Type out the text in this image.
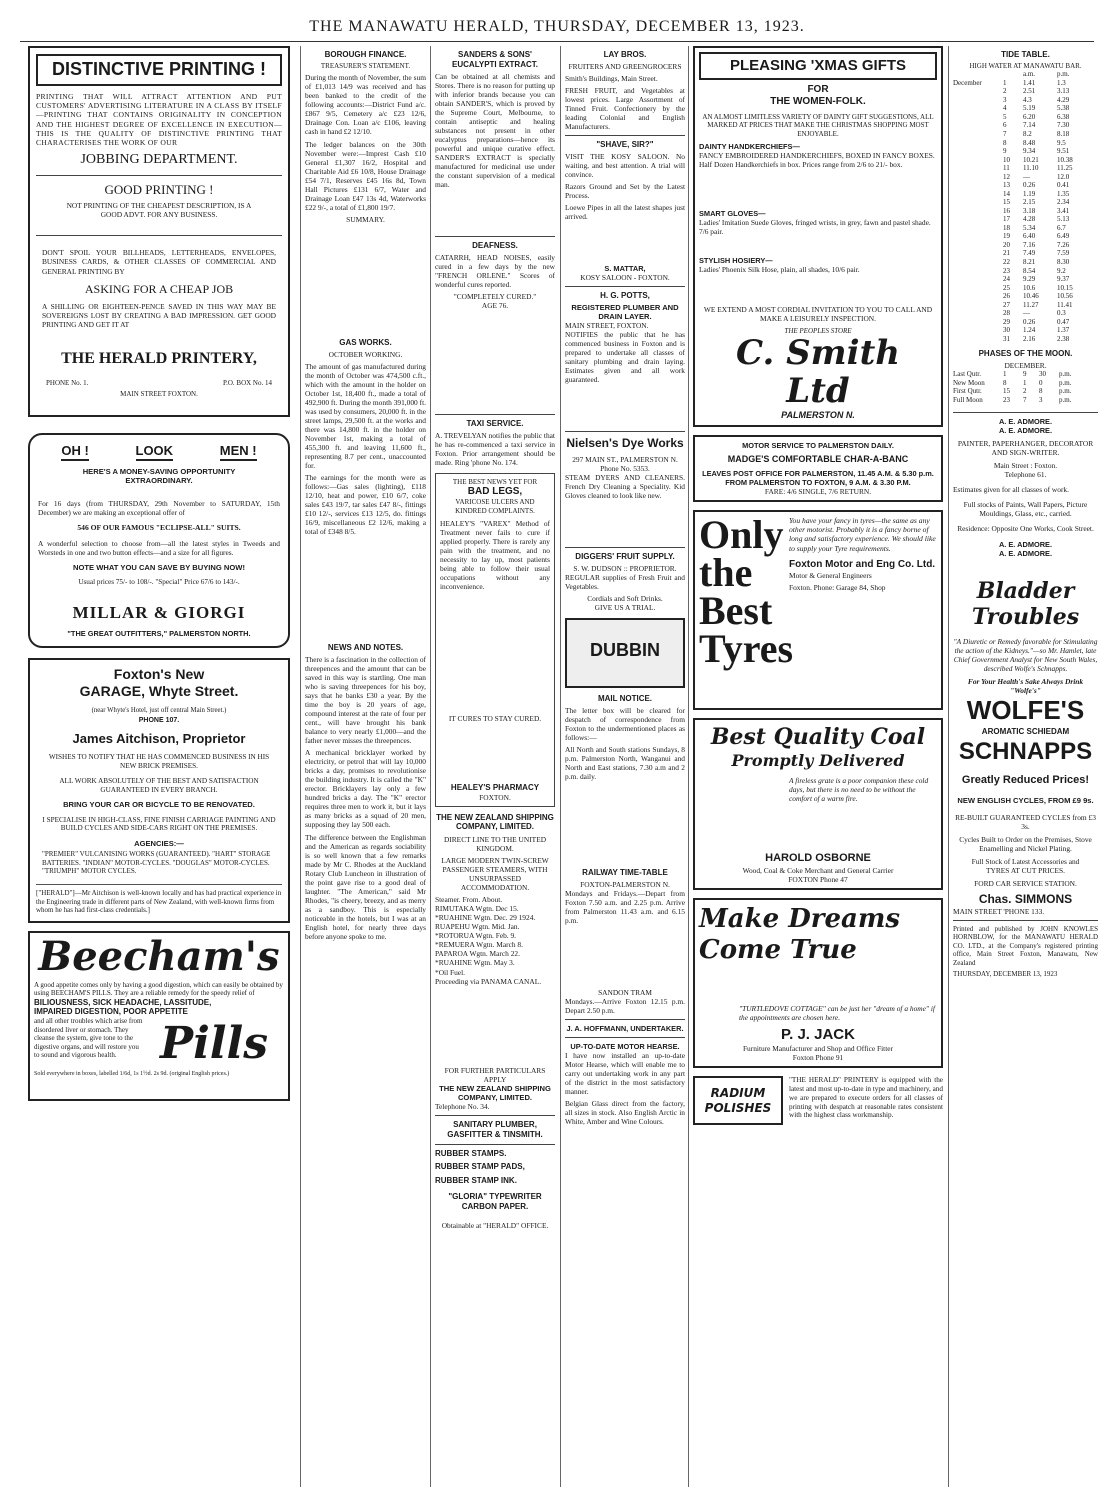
THE MANAWATU HERALD, THURSDAY, DECEMBER 13, 1923.
DISTINCTIVE PRINTING !
PRINTING THAT WILL ATTRACT ATTENTION AND PUT CUSTOMERS' ADVERTISING LITERATURE IN A CLASS BY ITSELF—PRINTING THAT CONTAINS ORIGINALITY IN CONCEPTION AND THE HIGHEST DEGREE OF EXCELLENCE IN EXECUTION—THIS IS THE QUALITY OF DISTINCTIVE PRINTING THAT CHARACTERISES THE WORK OF OUR
JOBBING DEPARTMENT.
GOOD PRINTING !
NOT PRINTING OF THE CHEAPEST DESCRIPTION, IS A GOOD ADVT. FOR ANY BUSINESS.
DON'T SPOIL YOUR BILLHEADS, LETTERHEADS, ENVELOPES, BUSINESS CARDS, & OTHER CLASSES OF COMMERCIAL AND GENERAL PRINTING BY
ASKING FOR A CHEAP JOB
A SHILLING OR EIGHTEEN-PENCE SAVED IN THIS WAY MAY BE SOVEREIGNS LOST BY CREATING A BAD IMPRESSION. GET GOOD PRINTING AND GET IT AT
THE HERALD PRINTERY,
PHONE No. 1.	P.O. BOX No. 14
MAIN STREET FOXTON.
OH !	LOOK	MEN !
HERE'S A MONEY-SAVING OPPORTUNITY EXTRAORDINARY.
For 16 days (from THURSDAY, 29th November to SATURDAY, 15th December) we are making an exceptional offer of
546 OF OUR FAMOUS "ECLIPSE-ALL" SUITS.
A wonderful selection to choose from—all the latest styles in Tweeds and Worsteds in one and two button effects—and a size for all figures.
NOTE WHAT YOU CAN SAVE BY BUYING NOW!
Usual prices 75/- to 108/-. "Special" Price 67/6 to 143/-.
MILLAR & GIORGI
"THE GREAT OUTFITTERS," PALMERSTON NORTH.
Foxton's New
GARAGE, Whyte Street.
(near Whyte's Hotel, just off central Main Street.)
PHONE 107.
James Aitchison, Proprietor
WISHES TO NOTIFY THAT HE HAS COMMENCED BUSINESS IN HIS NEW BRICK PREMISES.
ALL WORK ABSOLUTELY OF THE BEST AND SATISFACTION GUARANTEED IN EVERY BRANCH.
BRING YOUR CAR OR BICYCLE TO BE RENOVATED.
I SPECIALISE IN HIGH-CLASS, FINE FINISH CARRIAGE PAINTING AND BUILD CYCLES AND SIDE-CARS RIGHT ON THE PREMISES.
AGENCIES:—
"PREMIER" VULCANISING WORKS (GUARANTEED). "HART" STORAGE BATTERIES. "INDIAN" MOTOR-CYCLES. "DOUGLAS" MOTOR-CYCLES. "TRIUMPH" MOTOR CYCLES.
["HERALD"]—Mr Aitchison is well-known locally and has had practical experience in the Engineering trade in different parts of New Zealand, with well-known firms from whom he has had first-class credentials.]
Beecham's
A good appetite comes only by having a good digestion, which can easily be obtained by using BEECHAM'S PILLS. They are a reliable remedy for the speedy relief of
BILIOUSNESS, SICK HEADACHE, LASSITUDE,
IMPAIRED DIGESTION, POOR APPETITE
and all other troubles which arise from disordered liver or stomach. They cleanse the system, give tone to the digestive organs, and will restore you to sound and vigorous health. Pills
Sold everywhere in boxes, labelled 1/6d, 1s 1½d. 2s 9d. (original English prices.)
BOROUGH FINANCE.
TREASURER'S STATEMENT.

During the month of November, the sum of £1,013 14/9 was received and has been banked to the credit of the following accounts:—District Fund a/c. £867 9/5, Cemetery a/c £23 12/6, Drainage Con. Loan a/c £106, leaving cash in hand £2 12/10.

The ledger balances on the 30th November were:—Imprest Cash £10 General £1,307 16/2, Hospital and Charitable Aid £6 10/8, House Drainage £54 7/1, Reserves £45 16s 8d, Town Hall Pictures £131 6/7, Water and Drainage Loan £47 13s 4d, Waterworks £22 9/-, a total of £1,800 19/7.

SUMMARY.
GAS WORKS.
OCTOBER WORKING.

The amount of gas manufactured during the month of October was 474,500 c.ft., which with the amount in the holder on October 1st, 18,400 ft., made a total of 492,900 ft. During the month 391,000 ft. was used by consumers, 20,000 ft. in the street lamps, 29,500 ft. at the works and there was 14,800 ft. in the holder on November 1st, making a total of 455,300 ft. and leaving 11,600 ft., representing 8.7 per cent., unaccounted for.

The earnings for the month were as follows:—Gas sales (lighting), £118 12/10, heat and power, £10 6/7, coke sales £43 19/7, tar sales £47 8/-, fittings £10 12/-, services £13 12/5, do. fittings 16/9, miscellaneous £2 12/6, making a total of £348 8/5.

NEWS AND NOTES.

There is a fascination in the collection of threepences and the amount that can be saved in this way is startling. One man who is saving threepences for his boy, says that he banks £30 a year. By the time the boy is 20 years of age, compound interest at the rate of four per cent., will have brought his bank balance to very nearly £1,000—and the father never misses the threepences.

A mechanical bricklayer worked by electricity, or petrol that will lay 10,000 bricks a day, promises to revolutionise the building industry. It is called the "K" erector. Bricklayers lay only a few hundred bricks a day. The "K" erector requires three men to work it, but it lays as many bricks as a squad of 20 men, supposing they lay 500 each.

The difference between the Englishman and the American as regards sociability is so well known that a few remarks made by Mr C. Rhodes at the Auckland Rotary Club Luncheon in illustration of the point gave rise to a good deal of laughter. "The American," said Mr Rhodes, "is cheery, breezy, and as merry as a sandboy. This is especially noticeable in the hotels, but I was at an English hotel, for nearly three days before anyone spoke to me.

SANDERS & SONS' EUCALYPTI EXTRACT.

Can be obtained at all chemists and Stores. There is no reason for putting up with inferior brands because you can obtain SANDER'S, which is proved by the Supreme Court, Melbourne, to contain antiseptic and healing substances not present in other eucalyptus preparations—hence its powerful and unique curative effect. SANDER'S EXTRACT is specially manufactured for medicinal use under the constant supervision of a medical man.

DEAFNESS.

CATARRH, HEAD NOISES, easily cured in a few days by the new "FRENCH ORLENE." Scores of wonderful cures reported.

"COMPLETELY CURED."
AGE 76.
TAXI SERVICE.

A. TREVELYAN notifies the public that he has re-commenced a taxi service in Foxton. Prior arrangement should be made. Ring 'phone No. 174.

THE BEST NEWS YET FOR
BAD LEGS,
VARICOSE ULCERS AND KINDRED COMPLAINTS.

HEALEY'S "VAREX" Method of Treatment never fails to cure if applied properly. There is rarely any pain with the treatment, and no necessity to lay up, most patients being able to follow their usual occupations without any inconvenience.

IT CURES TO STAY CURED.
HEALEY'S PHARMACY
FOXTON.
THE NEW ZEALAND SHIPPING COMPANY, LIMITED.
DIRECT LINE TO THE UNITED KINGDOM.
LARGE MODERN TWIN-SCREW PASSENGER STEAMERS, WITH UNSURPASSED ACCOMMODATION.
Steamer. From. About.
RIMUTAKA Wgtn. Dec 15.
*RUAHINE Wgtn. Dec. 29 1924.
RUAPEHU Wgtn. Mid. Jan.
*ROTORUA Wgtn. Feb. 9.
*REMUERA Wgtn. March 8.
PAPAROA Wgtn. March 22.
*RUAHINE Wgtn. May 3.
*Oil Fuel.
Proceeding via PANAMA CANAL.
FOR FURTHER PARTICULARS APPLY
THE NEW ZEALAND SHIPPING COMPANY, LIMITED.
Telephone No. 34.
SANITARY PLUMBER, GASFITTER & TINSMITH.
RUBBER STAMPS.
RUBBER STAMP PADS,
RUBBER STAMP INK.
"GLORIA" TYPEWRITER CARBON PAPER.
Obtainable at "HERALD" OFFICE.
LAY BROS.
FRUITERS AND GREENGROCERS
Smith's Buildings, Main Street.

FRESH FRUIT, and Vegetables at lowest prices. Large Assortment of Tinned Fruit. Confectionery by the leading Colonial and English Manufacturers.

"SHAVE, SIR?"

VISIT THE KOSY SALOON. No waiting, and best attention. A trial will convince.

Razors Ground and Set by the Latest Process.

Loewe Pipes in all the latest shapes just arrived.

S. MATTAR,
KOSY SALOON - FOXTON.
H. G. POTTS,
REGISTERED PLUMBER AND DRAIN LAYER.
MAIN STREET, FOXTON.

NOTIFIES the public that he has commenced business in Foxton and is prepared to undertake all classes of sanitary plumbing and drain laying. Estimates given and all work guaranteed.

Nielsen's Dye Works
297 MAIN ST., PALMERSTON N.
Phone No. 5353.

STEAM DYERS AND CLEANERS. French Dry Cleaning a Speciality. Kid Gloves cleaned to look like new.

DIGGERS' FRUIT SUPPLY.
S. W. DUDSON :: PROPRIETOR.

REGULAR supplies of Fresh Fruit and Vegetables.

Cordials and Soft Drinks.
GIVE US A TRIAL.
DUBBIN
MAIL NOTICE.

The letter box will be cleared for despatch of correspondence from Foxton to the undermentioned places as follows:—

All North and South stations Sundays, 8 p.m. Palmerston North, Wanganui and North and East stations, 7.30 a.m and 2 p.m. daily.

RAILWAY TIME-TABLE
FOXTON-PALMERSTON N.

Mondays and Fridays.—Depart from Foxton 7.50 a.m. and 2.25 p.m. Arrive from Palmerston 11.43 a.m. and 6.15 p.m.

SANDON TRAM

Mondays.—Arrive Foxton 12.15 p.m. Depart 2.50 p.m.

J. A. HOFFMANN, UNDERTAKER.
UP-TO-DATE MOTOR HEARSE.

I have now installed an up-to-date Motor Hearse, which will enable me to carry out undertaking work in any part of the district in the most satisfactory manner.

Belgian Glass direct from the factory, all sizes in stock. Also English Arctic in White, Amber and Wine Colours.

PLEASING 'XMAS GIFTS
FOR
THE WOMEN-FOLK.
AN ALMOST LIMITLESS VARIETY OF DAINTY GIFT SUGGESTIONS, ALL MARKED AT PRICES THAT MAKE THE CHRISTMAS SHOPPING MOST ENJOYABLE.
DAINTY HANDKERCHIEFS—
FANCY EMBROIDERED HANDKERCHIEFS, BOXED IN FANCY BOXES.
Half Dozen Handkerchiefs in box. Prices range from 2/6 to 21/- box.
SMART GLOVES—
Ladies' Imitation Suede Gloves, fringed wrists, in grey, fawn and pastel shade. 7/6 pair.
STYLISH HOSIERY—
Ladies' Phoenix Silk Hose, plain, all shades, 10/6 pair.
WE EXTEND A MOST CORDIAL INVITATION TO YOU TO CALL AND MAKE A LEISURELY INSPECTION.
THE PEOPLES STORE
C. Smith Ltd
PALMERSTON N.
MOTOR SERVICE TO PALMERSTON DAILY.
MADGE'S COMFORTABLE CHAR-A-BANC
LEAVES POST OFFICE FOR PALMERSTON, 11.45 A.M. & 5.30 p.m.
FROM PALMERSTON TO FOXTON, 9 A.M. & 3.30 P.M.
FARE: 4/6 SINGLE, 7/6 RETURN.
Only the Best Tyres
You have your fancy in tyres—the same as any other motorist. Probably it is a fancy borne of long and satisfactory experience. We should like to supply your Tyre requirements.
Foxton Motor and Eng Co. Ltd.
Motor & General Engineers
Foxton. Phone: Garage 84, Shop
Best Quality Coal
Promptly Delivered
A fireless grate is a poor companion these cold days, but there is no need to be without the comfort of a warm fire.
HAROLD OSBORNE
Wood, Coal & Coke Merchant and General Carrier
FOXTON Phone 47
Make Dreams Come True
"TURTLEDOVE COTTAGE" can be just her "dream of a home" if the appointments are chosen here.
P. J. JACK
Furniture Manufacturer and Shop and Office Fitter
Foxton Phone 91
RADIUM POLISHES
"THE HERALD" PRINTERY is equipped with the latest and most up-to-date in type and machinery, and we are prepared to execute orders for all classes of printing with despatch at reasonable rates consistent with the highest class workmanship.
TIDE TABLE.
HIGH WATER AT MANAWATU BAR.
a.m.	p.m.
December	1	1.41	1.3
2	2.51	3.13
3	4.3	4.29
4	5.19	5.38
5	6.20	6.38
6	7.14	7.30
7	8.2	8.18
8	8.48	9.5
9	9.34	9.51
10	10.21	10.38
11	11.10	11.25
12	—	12.0
13	0.26	0.41
14	1.19	1.35
15	2.15	2.34
16	3.18	3.41
17	4.28	5.13
18	5.34	6.7
19	6.40	6.49
20	7.16	7.26
21	7.49	7.59
22	8.21	8.30
23	8.54	9.2
24	9.29	9.37
25	10.6	10.15
26	10.46	10.56
27	11.27	11.41
28	—	0.3
29	0.26	0.47
30	1.24	1.37
31	2.16	2.38
PHASES OF THE MOON.
DECEMBER.
Last Qutr.	1	9	30	p.m.
New Moon	8	1	0	p.m.
First Qutr.	15	2	8	p.m.
Full Moon	23	7	3	p.m.
A. E. ADMORE.
A. E. ADMORE.
PAINTER, PAPERHANGER, DECORATOR AND SIGN-WRITER.
Main Street : Foxton.
Telephone 61.
Estimates given for all classes of work.
Full stocks of Paints, Wall Papers, Picture Mouldings, Glass, etc., carried.
Residence: Opposite One Works, Cook Street.
A. E. ADMORE.
A. E. ADMORE.
Bladder Troubles
"A Diuretic or Remedy favorable for Stimulating the action of the Kidneys."—so Mr. Hamlet, late Chief Government Analyst for New South Wales, described Wolfe's Schnapps.
For Your Health's Sake Always Drink "Wolfe's"
WOLFE'S
AROMATIC SCHIEDAM
SCHNAPPS
Greatly Reduced Prices!
NEW ENGLISH CYCLES, FROM £9 9s.
RE-BUILT GUARANTEED CYCLES from £3 3s.
Cycles Built to Order on the Premises, Stove Enamelling and Nickel Plating.
Full Stock of Latest Accessories and
TYRES AT CUT PRICES.
FORD CAR SERVICE STATION.
Chas. SIMMONS
MAIN STREET 'PHONE 133.
Printed and published by JOHN KNOWLES HORNBLOW, for the MANAWATU HERALD CO. LTD., at the Company's registered printing office, Main Street Foxton, Manawatu, New Zealand
THURSDAY, DECEMBER 13, 1923
